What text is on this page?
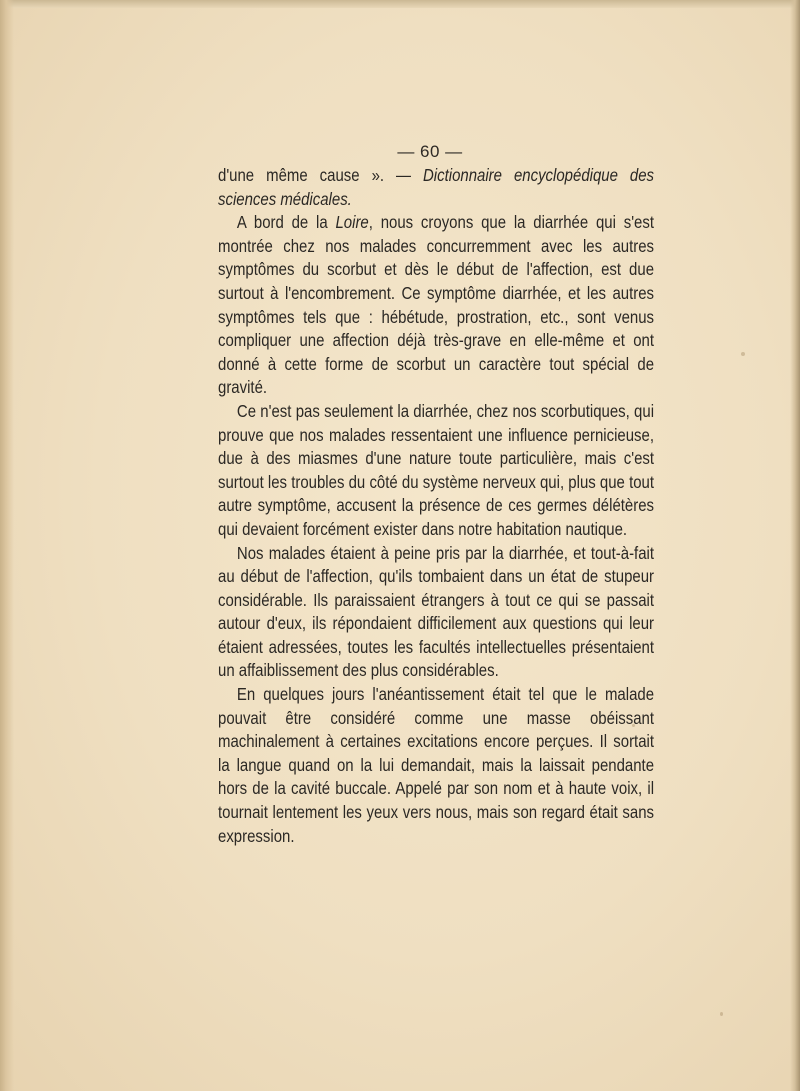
— 60 —

d'une même cause ». — Dictionnaire encyclopédique des sciences médicales.

A bord de la Loire, nous croyons que la diarrhée qui s'est montrée chez nos malades concurremment avec les autres symptômes du scorbut et dès le début de l'affection, est due surtout à l'encombrement. Ce symptôme diarrhée, et les autres symptômes tels que : hébétude, prostration, etc., sont venus compliquer une affection déjà très-grave en elle-même et ont donné à cette forme de scorbut un caractère tout spécial de gravité.

Ce n'est pas seulement la diarrhée, chez nos scorbutiques, qui prouve que nos malades ressentaient une influence pernicieuse, due à des miasmes d'une nature toute particulière, mais c'est surtout les troubles du côté du système nerveux qui, plus que tout autre symptôme, accusent la présence de ces germes délétères qui devaient forcément exister dans notre habitation nautique.

Nos malades étaient à peine pris par la diarrhée, et tout-à-fait au début de l'affection, qu'ils tombaient dans un état de stupeur considérable. Ils paraissaient étrangers à tout ce qui se passait autour d'eux, ils répondaient difficilement aux questions qui leur étaient adressées, toutes les facultés intellectuelles présentaient un affaiblissement des plus considérables.

En quelques jours l'anéantissement était tel que le malade pouvait être considéré comme une masse obéissant machinalement à certaines excitations encore perçues. Il sortait la langue quand on la lui demandait, mais la laissait pendante hors de la cavité buccale. Appelé par son nom et à haute voix, il tournait lentement les yeux vers nous, mais son regard était sans expression.
